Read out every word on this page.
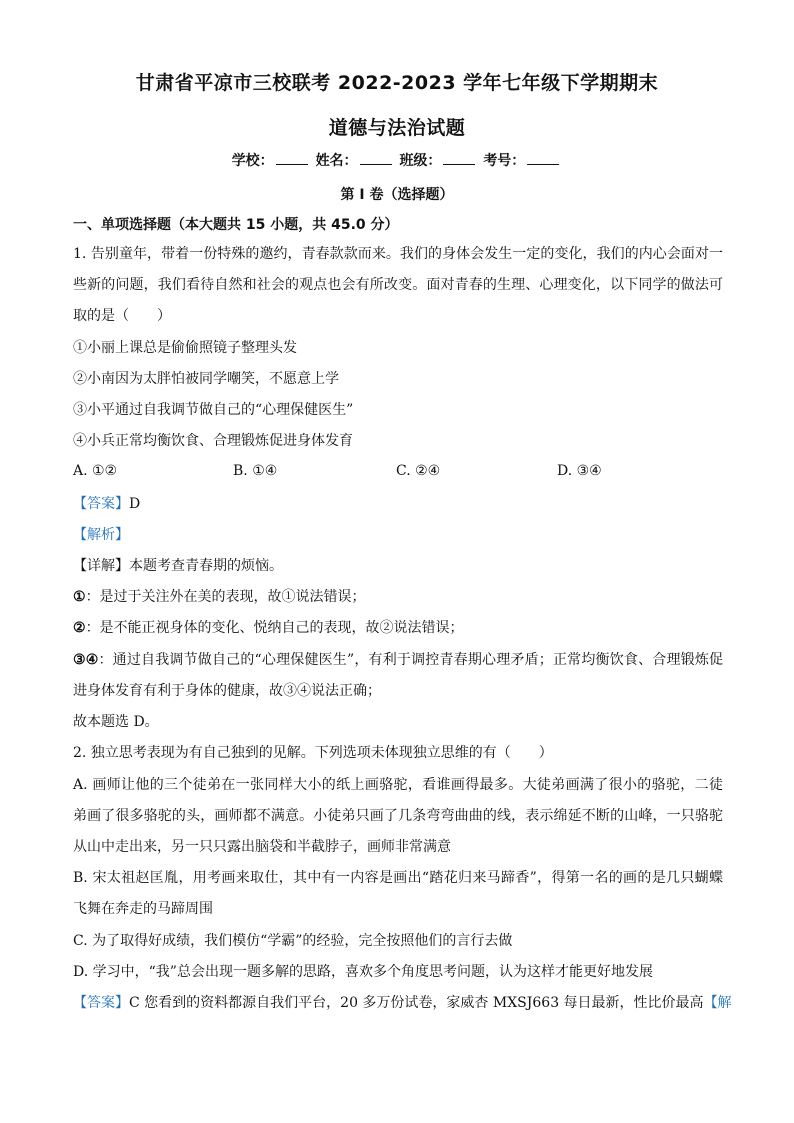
甘肃省平凉市三校联考 2022-2023 学年七年级下学期期末
道德与法治试题
学校：	姓名：	班级：	考号：
第 I 卷（选择题）
一、单项选择题（本大题共 15 小题，共 45.0 分）
1. 告别童年，带着一份特殊的邀约，青春款款而来。我们的身体会发生一定的变化，我们的内心会面对一
些新的问题，我们看待自然和社会的观点也会有所改变。面对青春的生理、心理变化，以下同学的做法可
取的是（　　）
①小丽上课总是偷偷照镜子整理头发
②小南因为太胖怕被同学嘲笑，不愿意上学
③小平通过自我调节做自己的“心理保健医生”
④小兵正常均衡饮食、合理锻炼促进身体发育
A. ①②	B. ①④	C. ②④	D. ③④
【答案】D
【解析】
【详解】本题考查青春期的烦恼。
①：是过于关注外在美的表现，故①说法错误；
②：是不能正视身体的变化、悦纳自己的表现，故②说法错误；
③④：通过自我调节做自己的“心理保健医生”，有利于调控青春期心理矛盾；正常均衡饮食、合理锻炼促
进身体发育有利于身体的健康，故③④说法正确；
故本题选 D。
2. 独立思考表现为有自己独到的见解。下列选项未体现独立思维的有（　　）
A. 画师让他的三个徒弟在一张同样大小的纸上画骆驼，看谁画得最多。大徒弟画满了很小的骆驼，二徒
弟画了很多骆驼的头，画师都不满意。小徒弟只画了几条弯弯曲曲的线，表示绵延不断的山峰，一只骆驼
从山中走出来，另一只只露出脑袋和半截脖子，画师非常满意
B. 宋太祖赵匡胤，用考画来取仕，其中有一内容是画出“踏花归来马蹄香”，得第一名的画的是几只蝴蝶
飞舞在奔走的马蹄周围
C. 为了取得好成绩，我们模仿“学霸”的经验，完全按照他们的言行去做
D. 学习中，“我”总会出现一题多解的思路，喜欢多个角度思考问题，认为这样才能更好地发展
【答案】C 您看到的资料都源自我们平台，20 多万份试卷，家威杏 MXSJ663 每日最新，性比价最高【解
